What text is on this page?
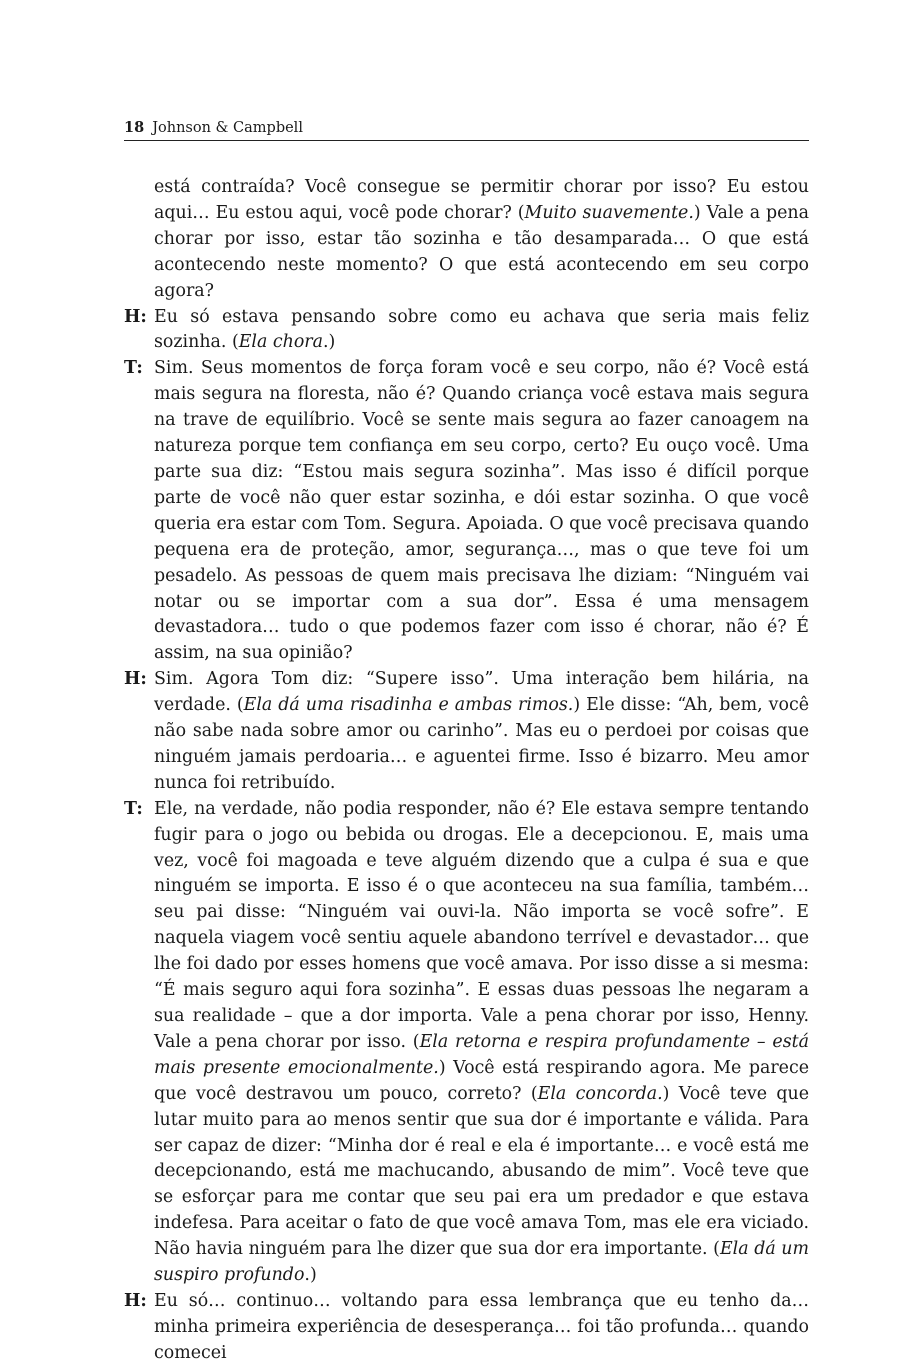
18 Johnson & Campbell
está contraída? Você consegue se permitir chorar por isso? Eu estou aqui… Eu estou aqui, você pode chorar? (Muito suavemente.) Vale a pena chorar por isso, estar tão sozinha e tão desamparada… O que está acontecendo neste momento? O que está acontecendo em seu corpo agora?
H: Eu só estava pensando sobre como eu achava que seria mais feliz sozinha. (Ela chora.)
T: Sim. Seus momentos de força foram você e seu corpo, não é? Você está mais segura na floresta, não é? Quando criança você estava mais segura na trave de equilíbrio. Você se sente mais segura ao fazer canoagem na natureza porque tem confiança em seu corpo, certo? Eu ouço você. Uma parte sua diz: “Estou mais segura sozinha”. Mas isso é difícil porque parte de você não quer estar sozinha, e dói estar sozinha. O que você queria era estar com Tom. Segura. Apoiada. O que você precisava quando pequena era de proteção, amor, segurança…, mas o que teve foi um pesadelo. As pessoas de quem mais precisava lhe diziam: “Ninguém vai notar ou se importar com a sua dor”. Essa é uma mensagem devastadora… tudo o que podemos fazer com isso é chorar, não é? É assim, na sua opinião?
H: Sim. Agora Tom diz: “Supere isso”. Uma interação bem hilária, na verdade. (Ela dá uma risadinha e ambas rimos.) Ele disse: “Ah, bem, você não sabe nada sobre amor ou carinho”. Mas eu o perdoei por coisas que ninguém jamais perdoaria… e aguentei firme. Isso é bizarro. Meu amor nunca foi retribuído.
T: Ele, na verdade, não podia responder, não é? Ele estava sempre tentando fugir para o jogo ou bebida ou drogas. Ele a decepcionou. E, mais uma vez, você foi magoada e teve alguém dizendo que a culpa é sua e que ninguém se importa. E isso é o que aconteceu na sua família, também… seu pai disse: “Ninguém vai ouvi-la. Não importa se você sofre”. E naquela viagem você sentiu aquele abandono terrível e devastador… que lhe foi dado por esses homens que você amava. Por isso disse a si mesma: “É mais seguro aqui fora sozinha”. E essas duas pessoas lhe negaram a sua realidade – que a dor importa. Vale a pena chorar por isso, Henny. Vale a pena chorar por isso. (Ela retorna e respira profundamente – está mais presente emocionalmente.) Você está respirando agora. Me parece que você destravou um pouco, correto? (Ela concorda.) Você teve que lutar muito para ao menos sentir que sua dor é importante e válida. Para ser capaz de dizer: “Minha dor é real e ela é importante… e você está me decepcionando, está me machucando, abusando de mim”. Você teve que se esforçar para me contar que seu pai era um predador e que estava indefesa. Para aceitar o fato de que você amava Tom, mas ele era viciado. Não havia ninguém para lhe dizer que sua dor era importante. (Ela dá um suspiro profundo.)
H: Eu só… continuo… voltando para essa lembrança que eu tenho da… minha primeira experiência de desesperança… foi tão profunda… quando comecei
